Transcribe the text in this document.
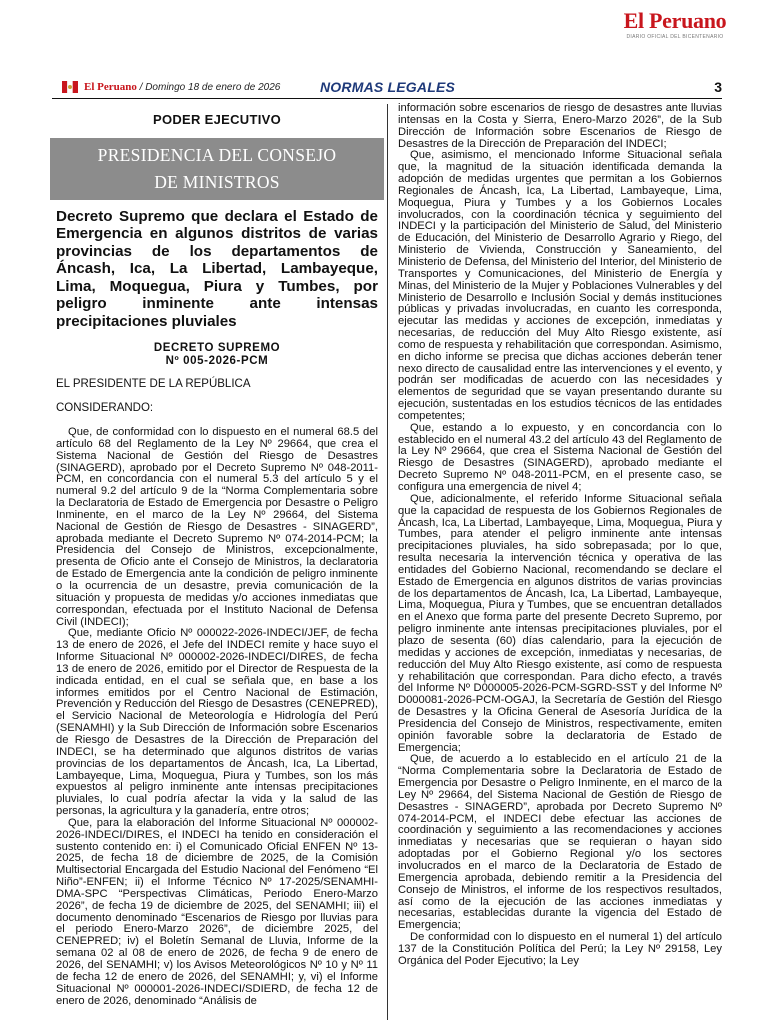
El Peruano
DIARIO OFICIAL DEL BICENTENARIO
El Peruano / Domingo 18 de enero de 2026	NORMAS LEGALES	3
PODER EJECUTIVO
PRESIDENCIA DEL CONSEJO
DE MINISTROS
Decreto Supremo que declara el Estado de Emergencia en algunos distritos de varias provincias de los departamentos de Áncash, Ica, La Libertad, Lambayeque, Lima, Moquegua, Piura y Tumbes, por peligro inminente ante intensas precipitaciones pluviales
DECRETO SUPREMO
Nº 005-2026-PCM

EL PRESIDENTE DE LA REPÚBLICA

CONSIDERANDO:

Que, de conformidad con lo dispuesto en el numeral 68.5 del artículo 68 del Reglamento de la Ley Nº 29664, que crea el Sistema Nacional de Gestión del Riesgo de Desastres (SINAGERD), aprobado por el Decreto Supremo Nº 048-2011-PCM, en concordancia con el numeral 5.3 del artículo 5 y el numeral 9.2 del artículo 9 de la “Norma Complementaria sobre la Declaratoria de Estado de Emergencia por Desastre o Peligro Inminente, en el marco de la Ley Nº 29664, del Sistema Nacional de Gestión de Riesgo de Desastres - SINAGERD”, aprobada mediante el Decreto Supremo Nº 074-2014-PCM; la Presidencia del Consejo de Ministros, excepcionalmente, presenta de Oficio ante el Consejo de Ministros, la declaratoria de Estado de Emergencia ante la condición de peligro inminente o la ocurrencia de un desastre, previa comunicación de la situación y propuesta de medidas y/o acciones inmediatas que correspondan, efectuada por el Instituto Nacional de Defensa Civil (INDECI);

Que, mediante Oficio Nº 000022-2026-INDECI/JEF, de fecha 13 de enero de 2026, el Jefe del INDECI remite y hace suyo el Informe Situacional Nº 000002-2026-INDECI/DIRES, de fecha 13 de enero de 2026, emitido por el Director de Respuesta de la indicada entidad, en el cual se señala que, en base a los informes emitidos por el Centro Nacional de Estimación, Prevención y Reducción del Riesgo de Desastres (CENEPRED), el Servicio Nacional de Meteorología e Hidrología del Perú (SENAMHI) y la Sub Dirección de Información sobre Escenarios de Riesgo de Desastres de la Dirección de Preparación del INDECI, se ha determinado que algunos distritos de varias provincias de los departamentos de Áncash, Ica, La Libertad, Lambayeque, Lima, Moquegua, Piura y Tumbes, son los más expuestos al peligro inminente ante intensas precipitaciones pluviales, lo cual podría afectar la vida y la salud de las personas, la agricultura y la ganadería, entre otros;

Que, para la elaboración del Informe Situacional Nº 000002-2026-INDECI/DIRES, el INDECI ha tenido en consideración el sustento contenido en: i) el Comunicado Oficial ENFEN Nº 13-2025, de fecha 18 de diciembre de 2025, de la Comisión Multisectorial Encargada del Estudio Nacional del Fenómeno “El Niño”-ENFEN; ii) el Informe Técnico Nº 17-2025/SENAMHI-DMA-SPC “Perspectivas Climáticas, Periodo Enero-Marzo 2026”, de fecha 19 de diciembre de 2025, del SENAMHI; iii) el documento denominado “Escenarios de Riesgo por lluvias para el periodo Enero-Marzo 2026”, de diciembre 2025, del CENEPRED; iv) el Boletín Semanal de Lluvia, Informe de la semana 02 al 08 de enero de 2026, de fecha 9 de enero de 2026, del SENAMHI; v) los Avisos Meteorológicos Nº 10 y Nº 11 de fecha 12 de enero de 2026, del SENAMHI; y, vi) el Informe Situacional Nº 000001-2026-INDECI/SDIERD, de fecha 12 de enero de 2026, denominado “Análisis de

información sobre escenarios de riesgo de desastres ante lluvias intensas en la Costa y Sierra, Enero-Marzo 2026”, de la Sub Dirección de Información sobre Escenarios de Riesgo de Desastres de la Dirección de Preparación del INDECI;

Que, asimismo, el mencionado Informe Situacional señala que, la magnitud de la situación identificada demanda la adopción de medidas urgentes que permitan a los Gobiernos Regionales de Áncash, Ica, La Libertad, Lambayeque, Lima, Moquegua, Piura y Tumbes y a los Gobiernos Locales involucrados, con la coordinación técnica y seguimiento del INDECI y la participación del Ministerio de Salud, del Ministerio de Educación, del Ministerio de Desarrollo Agrario y Riego, del Ministerio de Vivienda, Construcción y Saneamiento, del Ministerio de Defensa, del Ministerio del Interior, del Ministerio de Transportes y Comunicaciones, del Ministerio de Energía y Minas, del Ministerio de la Mujer y Poblaciones Vulnerables y del Ministerio de Desarrollo e Inclusión Social y demás instituciones públicas y privadas involucradas, en cuanto les corresponda, ejecutar las medidas y acciones de excepción, inmediatas y necesarias, de reducción del Muy Alto Riesgo existente, así como de respuesta y rehabilitación que correspondan. Asimismo, en dicho informe se precisa que dichas acciones deberán tener nexo directo de causalidad entre las intervenciones y el evento, y podrán ser modificadas de acuerdo con las necesidades y elementos de seguridad que se vayan presentando durante su ejecución, sustentadas en los estudios técnicos de las entidades competentes;

Que, estando a lo expuesto, y en concordancia con lo establecido en el numeral 43.2 del artículo 43 del Reglamento de la Ley Nº 29664, que crea el Sistema Nacional de Gestión del Riesgo de Desastres (SINAGERD), aprobado mediante el Decreto Supremo Nº 048-2011-PCM, en el presente caso, se configura una emergencia de nivel 4;

Que, adicionalmente, el referido Informe Situacional señala que la capacidad de respuesta de los Gobiernos Regionales de Áncash, Ica, La Libertad, Lambayeque, Lima, Moquegua, Piura y Tumbes, para atender el peligro inminente ante intensas precipitaciones pluviales, ha sido sobrepasada; por lo que, resulta necesaria la intervención técnica y operativa de las entidades del Gobierno Nacional, recomendando se declare el Estado de Emergencia en algunos distritos de varias provincias de los departamentos de Áncash, Ica, La Libertad, Lambayeque, Lima, Moquegua, Piura y Tumbes, que se encuentran detallados en el Anexo que forma parte del presente Decreto Supremo, por peligro inminente ante intensas precipitaciones pluviales, por el plazo de sesenta (60) días calendario, para la ejecución de medidas y acciones de excepción, inmediatas y necesarias, de reducción del Muy Alto Riesgo existente, así como de respuesta y rehabilitación que correspondan. Para dicho efecto, a través del Informe Nº D000005-2026-PCM-SGRD-SST y del Informe Nº D000081-2026-PCM-OGAJ, la Secretaría de Gestión del Riesgo de Desastres y la Oficina General de Asesoría Jurídica de la Presidencia del Consejo de Ministros, respectivamente, emiten opinión favorable sobre la declaratoria de Estado de Emergencia;

Que, de acuerdo a lo establecido en el artículo 21 de la “Norma Complementaria sobre la Declaratoria de Estado de Emergencia por Desastre o Peligro Inminente, en el marco de la Ley Nº 29664, del Sistema Nacional de Gestión de Riesgo de Desastres - SINAGERD”, aprobada por Decreto Supremo Nº 074-2014-PCM, el INDECI debe efectuar las acciones de coordinación y seguimiento a las recomendaciones y acciones inmediatas y necesarias que se requieran o hayan sido adoptadas por el Gobierno Regional y/o los sectores involucrados en el marco de la Declaratoria de Estado de Emergencia aprobada, debiendo remitir a la Presidencia del Consejo de Ministros, el informe de los respectivos resultados, así como de la ejecución de las acciones inmediatas y necesarias, establecidas durante la vigencia del Estado de Emergencia;

De conformidad con lo dispuesto en el numeral 1) del artículo 137 de la Constitución Política del Perú; la Ley Nº 29158, Ley Orgánica del Poder Ejecutivo; la Ley
